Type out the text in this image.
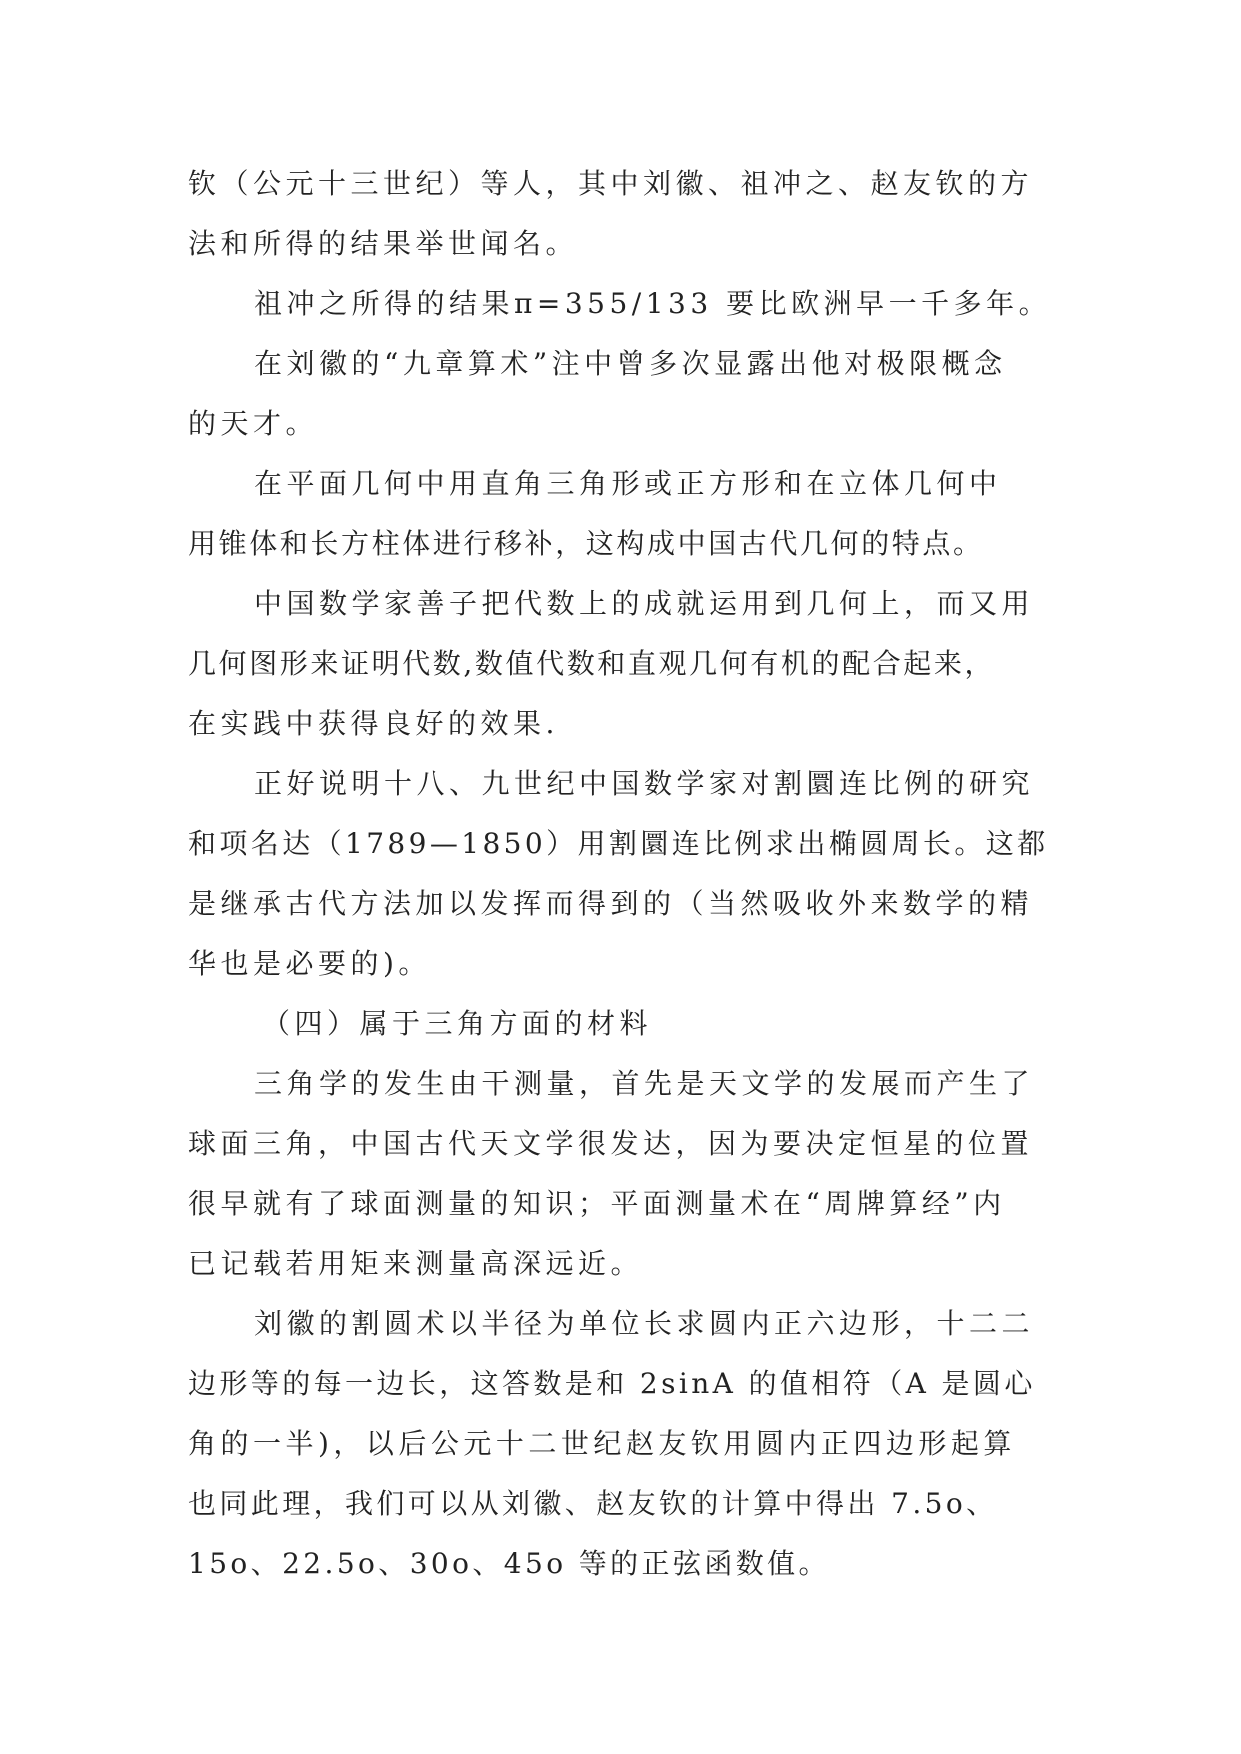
钦（公元十三世纪）等人，其中刘徽、祖冲之、赵友钦的方
法和所得的结果举世闻名。
祖冲之所得的结果π=355/133 要比欧洲早一千多年。
在刘徽的“九章算术”注中曾多次显露出他对极限概念
的天才。
在平面几何中用直角三角形或正方形和在立体几何中
用锥体和长方柱体进行移补，这构成中国古代几何的特点。
中国数学家善子把代数上的成就运用到几何上，而又用
几何图形来证明代数,数值代数和直观几何有机的配合起来，
在实践中获得良好的效果.
正好说明十八、九世纪中国数学家对割圜连比例的研究
和项名达（1789—1850）用割圜连比例求出椭圆周长。这都
是继承古代方法加以发挥而得到的（当然吸收外来数学的精
华也是必要的)。
（四）属于三角方面的材料
三角学的发生由干测量，首先是天文学的发展而产生了
球面三角，中国古代天文学很发达，因为要决定恒星的位置
很早就有了球面测量的知识；平面测量术在“周牌算经”内
已记载若用矩来测量高深远近。
刘徽的割圆术以半径为单位长求圆内正六边形，十二二
边形等的每一边长，这答数是和 2sinA 的值相符（A 是圆心
角的一半)，以后公元十二世纪赵友钦用圆内正四边形起算
也同此理，我们可以从刘徽、赵友钦的计算中得出 7.5o、
15o、22.5o、30o、45o 等的正弦函数值。
